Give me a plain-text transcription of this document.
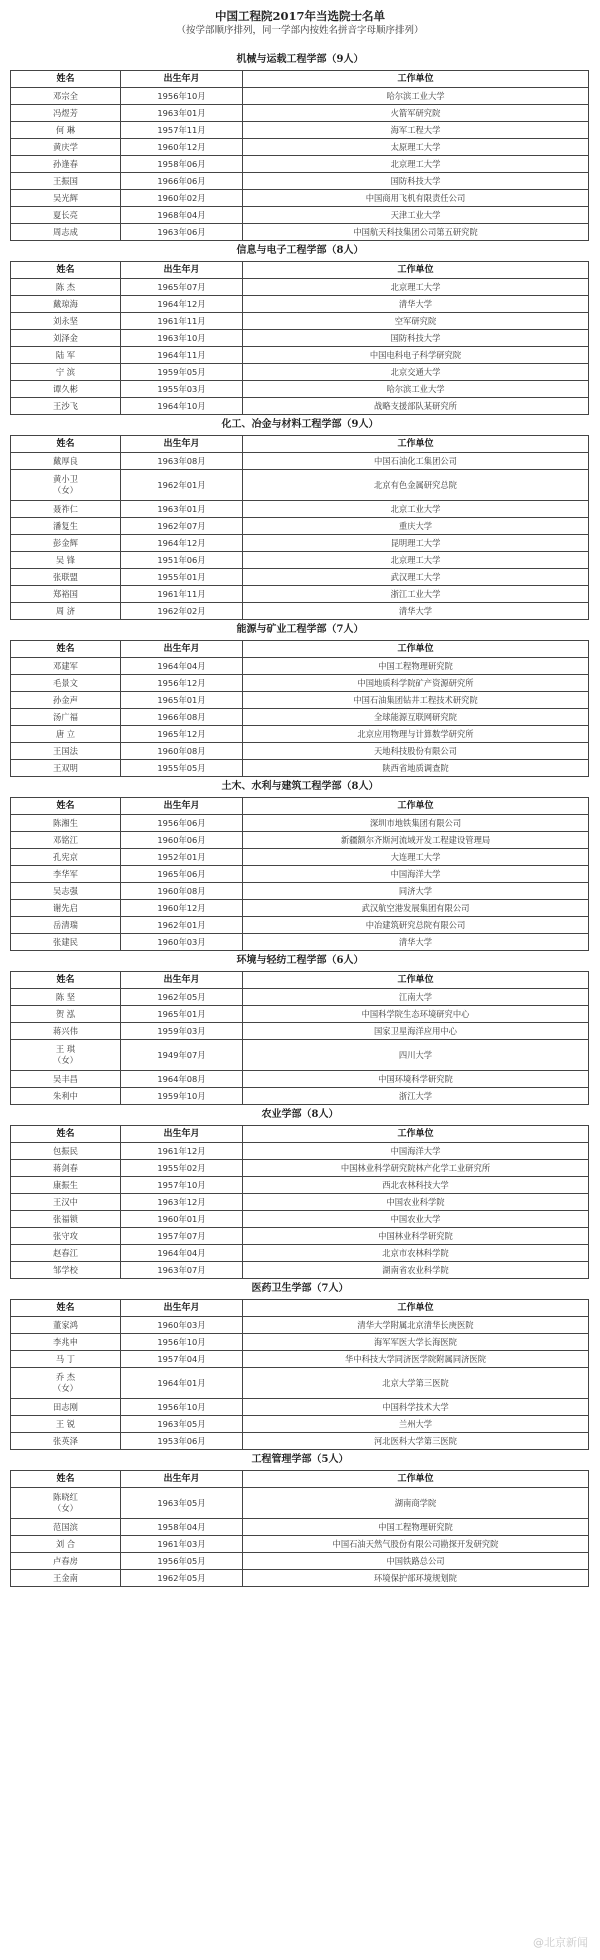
中国工程院2017年当选院士名单
（按学部顺序排列，同一学部内按姓名拼音字母顺序排列）
机械与运载工程学部（9人）
姓名	出生年月	工作单位
邓宗全	1956年10月	哈尔滨工业大学
冯煜芳	1963年01月	火箭军研究院
何 琳	1957年11月	海军工程大学
黄庆学	1960年12月	太原理工大学
孙逢春	1958年06月	北京理工大学
王振国	1966年06月	国防科技大学
吴光辉	1960年02月	中国商用飞机有限责任公司
夏长亮	1968年04月	天津工业大学
周志成	1963年06月	中国航天科技集团公司第五研究院
信息与电子工程学部（8人）
姓名	出生年月	工作单位
陈 杰	1965年07月	北京理工大学
戴琼海	1964年12月	清华大学
刘永坚	1961年11月	空军研究院
刘泽金	1963年10月	国防科技大学
陆 军	1964年11月	中国电科电子科学研究院
宁 滨	1959年05月	北京交通大学
谭久彬	1955年03月	哈尔滨工业大学
王沙飞	1964年10月	战略支援部队某研究所
化工、冶金与材料工程学部（9人）
姓名	出生年月	工作单位
戴厚良	1963年08月	中国石油化工集团公司

黄小卫
（女）	1962年01月	北京有色金属研究总院
聂祚仁	1963年01月	北京工业大学
潘复生	1962年07月	重庆大学
彭金辉	1964年12月	昆明理工大学
吴 锋	1951年06月	北京理工大学
张联盟	1955年01月	武汉理工大学
郑裕国	1961年11月	浙江工业大学
周 济	1962年02月	清华大学
能源与矿业工程学部（7人）
姓名	出生年月	工作单位
邓建军	1964年04月	中国工程物理研究院
毛景文	1956年12月	中国地质科学院矿产资源研究所
孙金声	1965年01月	中国石油集团钻井工程技术研究院
汤广福	1966年08月	全球能源互联网研究院
唐 立	1965年12月	北京应用物理与计算数学研究所
王国法	1960年08月	天地科技股份有限公司
王双明	1955年05月	陕西省地质调查院
土木、水利与建筑工程学部（8人）
姓名	出生年月	工作单位
陈湘生	1956年06月	深圳市地铁集团有限公司
邓铭江	1960年06月	新疆额尔齐斯河流域开发工程建设管理局
孔宪京	1952年01月	大连理工大学
李华军	1965年06月	中国海洋大学
吴志强	1960年08月	同济大学
谢先启	1960年12月	武汉航空港发展集团有限公司
岳清瑞	1962年01月	中冶建筑研究总院有限公司
张建民	1960年03月	清华大学
环境与轻纺工程学部（6人）
姓名	出生年月	工作单位
陈 坚	1962年05月	江南大学
贺 泓	1965年01月	中国科学院生态环境研究中心
蒋兴伟	1959年03月	国家卫星海洋应用中心

王 琪
（女）	1949年07月	四川大学
吴丰昌	1964年08月	中国环境科学研究院
朱利中	1959年10月	浙江大学
农业学部（8人）
姓名	出生年月	工作单位
包振民	1961年12月	中国海洋大学
蒋剑春	1955年02月	中国林业科学研究院林产化学工业研究所
康振生	1957年10月	西北农林科技大学
王汉中	1963年12月	中国农业科学院
张福锁	1960年01月	中国农业大学
张守攻	1957年07月	中国林业科学研究院
赵春江	1964年04月	北京市农林科学院
邹学校	1963年07月	湖南省农业科学院
医药卫生学部（7人）
姓名	出生年月	工作单位
董家鸿	1960年03月	清华大学附属北京清华长庚医院
李兆申	1956年10月	海军军医大学长海医院
马 丁	1957年04月	华中科技大学同济医学院附属同济医院

乔 杰
（女）	1964年01月	北京大学第三医院
田志刚	1956年10月	中国科学技术大学
王 锐	1963年05月	兰州大学
张英泽	1953年06月	河北医科大学第三医院
工程管理学部（5人）
姓名	出生年月	工作单位

陈晓红
（女）	1963年05月	湖南商学院
范国滨	1958年04月	中国工程物理研究院
刘 合	1961年03月	中国石油天然气股份有限公司勘探开发研究院
卢春房	1956年05月	中国铁路总公司
王金南	1962年05月	环境保护部环境规划院
@北京新闻
